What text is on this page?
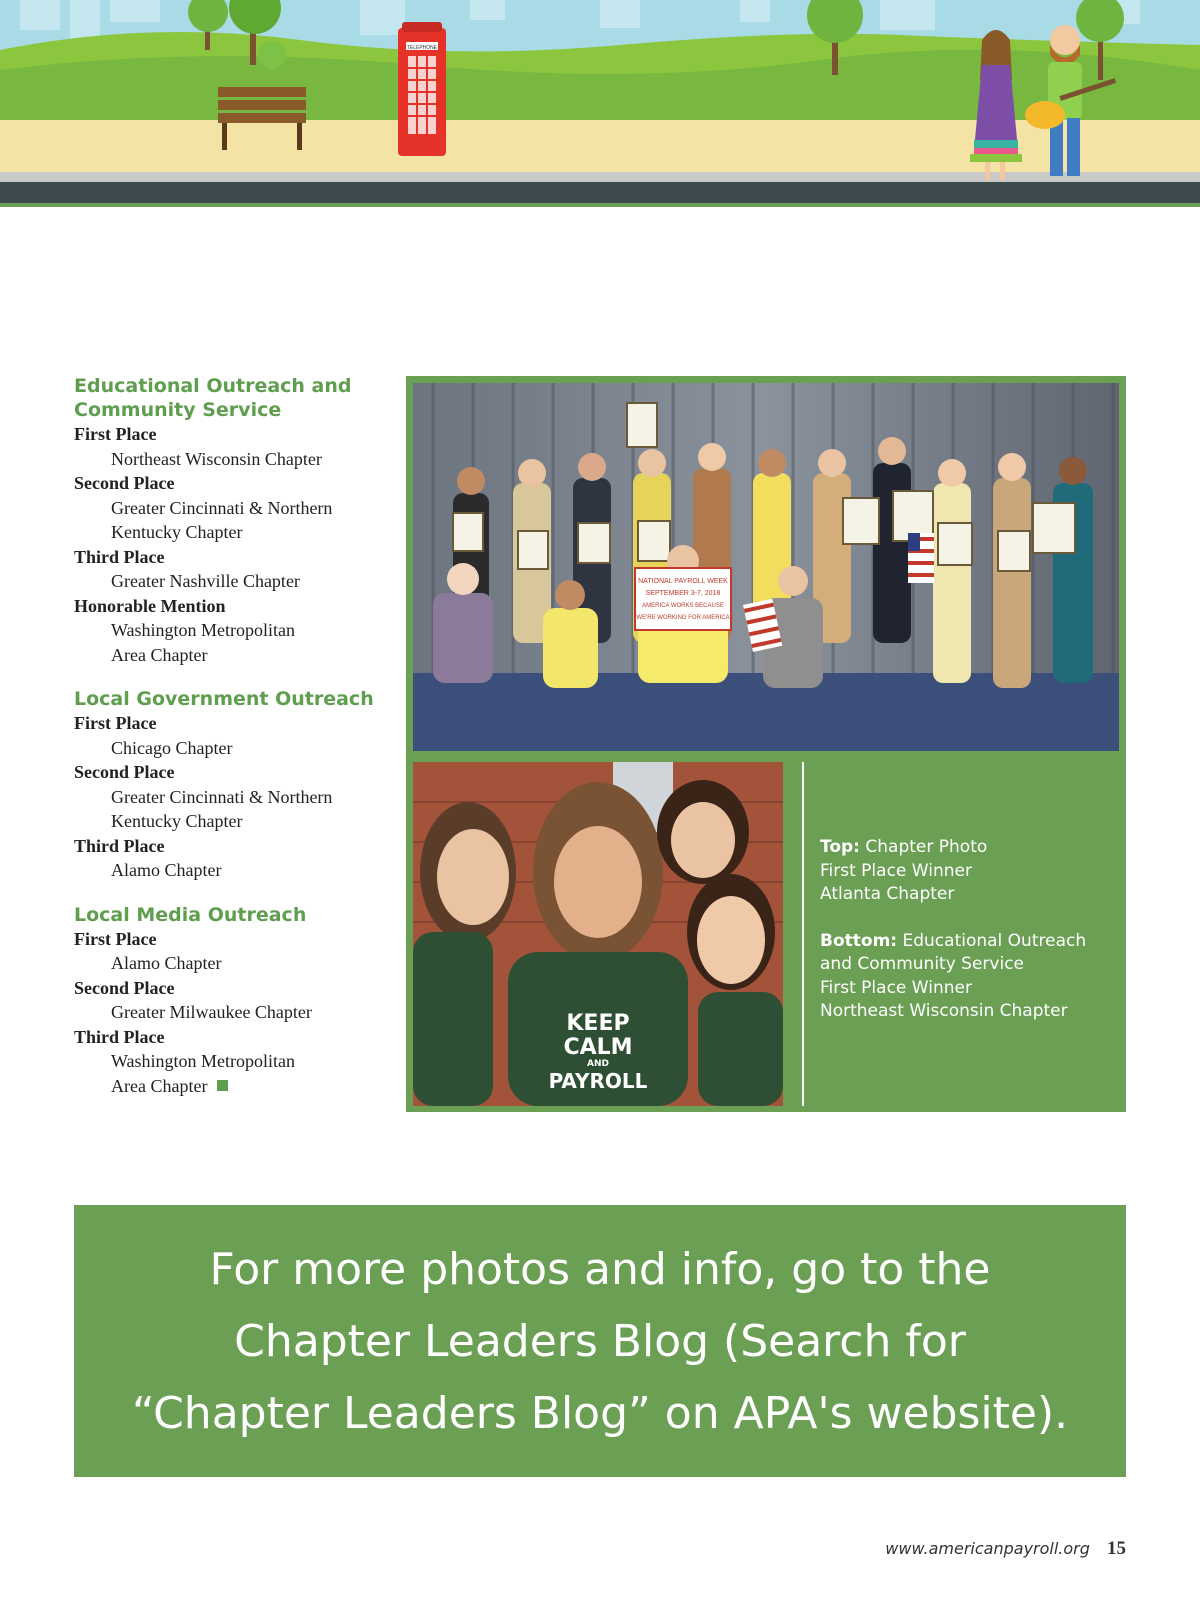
TELEPHONE
Educational Outreach and Community Service
First Place
Northeast Wisconsin Chapter
Second Place
Greater Cincinnati & Northern
Kentucky Chapter
Third Place
Greater Nashville Chapter
Honorable Mention
Washington Metropolitan
Area Chapter
Local Government Outreach
First Place
Chicago Chapter
Second Place
Greater Cincinnati & Northern
Kentucky Chapter
Third Place
Alamo Chapter
Local Media Outreach
First Place
Alamo Chapter
Second Place
Greater Milwaukee Chapter
Third Place
Washington Metropolitan
Area Chapter
NATIONAL PAYROLL WEEK
SEPTEMBER 3-7, 2018
AMERICA WORKS BECAUSE
WE'RE WORKING FOR AMERICA
KEEP
CALM
AND
PAYROLL
Top: Chapter Photo
First Place Winner
Atlanta Chapter
Bottom: Educational Outreach
and Community Service
First Place Winner
Northeast Wisconsin Chapter
For more photos and info, go to the
Chapter Leaders Blog (Search for
“Chapter Leaders Blog” on APA's website).
www.americanpayroll.org 15
